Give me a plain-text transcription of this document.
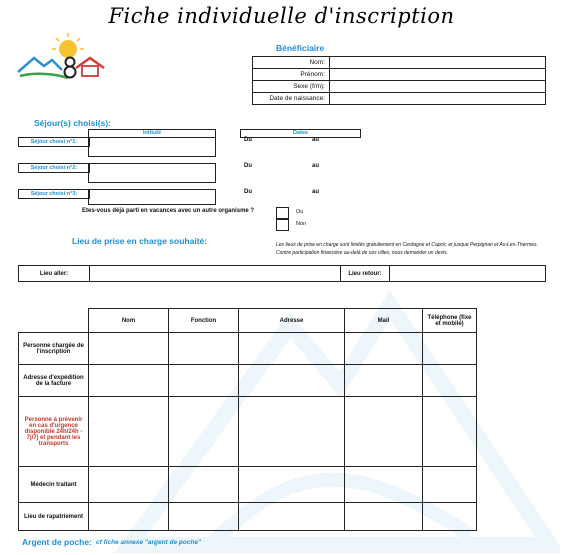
Fiche individuelle d'inscription
Bénéficiaire
Nom:	
Prénom:	
Sexe (f/m):	
Date de naissance:	
Séjour(s) choisi(s):
Intitulé	Dates
Séjour choisi n°1:	Du	au
Séjour choisi n°2:	Du	au
Séjour choisi n°3:	Du	au
Etes-vous déjà parti en vacances avec un autre organisme ?	Ou
Non
Lieu de prise en charge souhaité:	Les lieux de prise en charge sont limités gratuitement en Cerdagne et Capcir, et jusque Perpignan et Ax-Les-Thermes. Contre participation financière au-delà de ces villes, nous demander un devis.
Lieu aller:		Lieu retour:	
	Nom	Fonction	Adresse	Mail	Téléphone (fixe et mobile)
Personne chargée de l'inscription					
Adresse d'expédition de la facture					
Personne à prévenir en cas d'urgence disponible 24h/24h - 7j/7j et pendant les transports					
Médecin traitant					
Lieu de rapatriement					
Argent de poche: cf fiche annexe "argent de poche"
